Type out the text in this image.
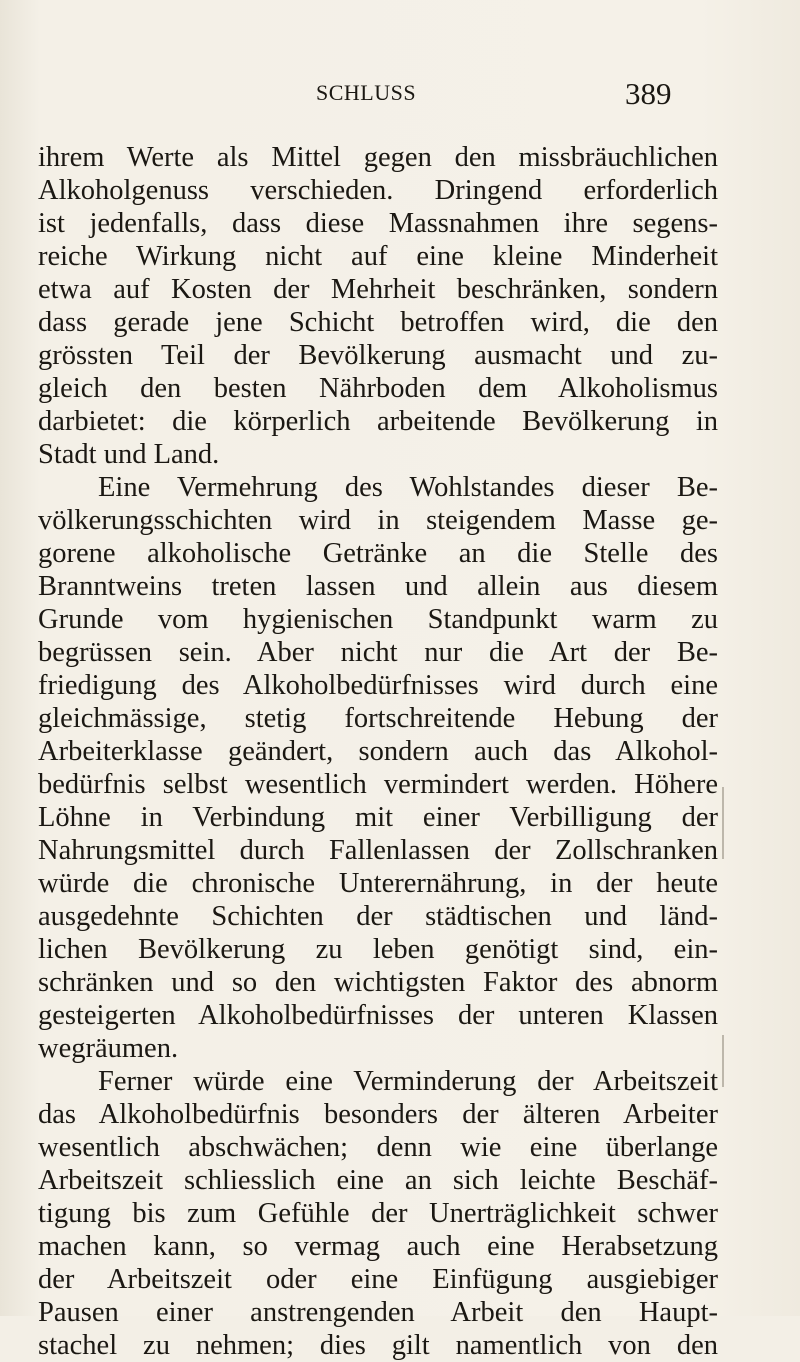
SCHLUSS	389
ihrem Werte als Mittel gegen den missbräuchlichen
Alkoholgenuss verschieden. Dringend erforderlich
ist jedenfalls, dass diese Massnahmen ihre segens-
reiche Wirkung nicht auf eine kleine Minderheit
etwa auf Kosten der Mehrheit beschränken, sondern
dass gerade jene Schicht betroffen wird, die den
grössten Teil der Bevölkerung ausmacht und zu-
gleich den besten Nährboden dem Alkoholismus
darbietet: die körperlich arbeitende Bevölkerung in
Stadt und Land.
Eine Vermehrung des Wohlstandes dieser Be-
völkerungsschichten wird in steigendem Masse ge-
gorene alkoholische Getränke an die Stelle des
Branntweins treten lassen und allein aus diesem
Grunde vom hygienischen Standpunkt warm zu
begrüssen sein. Aber nicht nur die Art der Be-
friedigung des Alkoholbedürfnisses wird durch eine
gleichmässige, stetig fortschreitende Hebung der
Arbeiterklasse geändert, sondern auch das Alkohol-
bedürfnis selbst wesentlich vermindert werden. Höhere
Löhne in Verbindung mit einer Verbilligung der
Nahrungsmittel durch Fallenlassen der Zollschranken
würde die chronische Unterernährung, in der heute
ausgedehnte Schichten der städtischen und länd-
lichen Bevölkerung zu leben genötigt sind, ein-
schränken und so den wichtigsten Faktor des abnorm
gesteigerten Alkoholbedürfnisses der unteren Klassen
wegräumen.
Ferner würde eine Verminderung der Arbeitszeit
das Alkoholbedürfnis besonders der älteren Arbeiter
wesentlich abschwächen; denn wie eine überlange
Arbeitszeit schliesslich eine an sich leichte Beschäf-
tigung bis zum Gefühle der Unerträglichkeit schwer
machen kann, so vermag auch eine Herabsetzung
der Arbeitszeit oder eine Einfügung ausgiebiger
Pausen einer anstrengenden Arbeit den Haupt-
stachel zu nehmen; dies gilt namentlich von den
